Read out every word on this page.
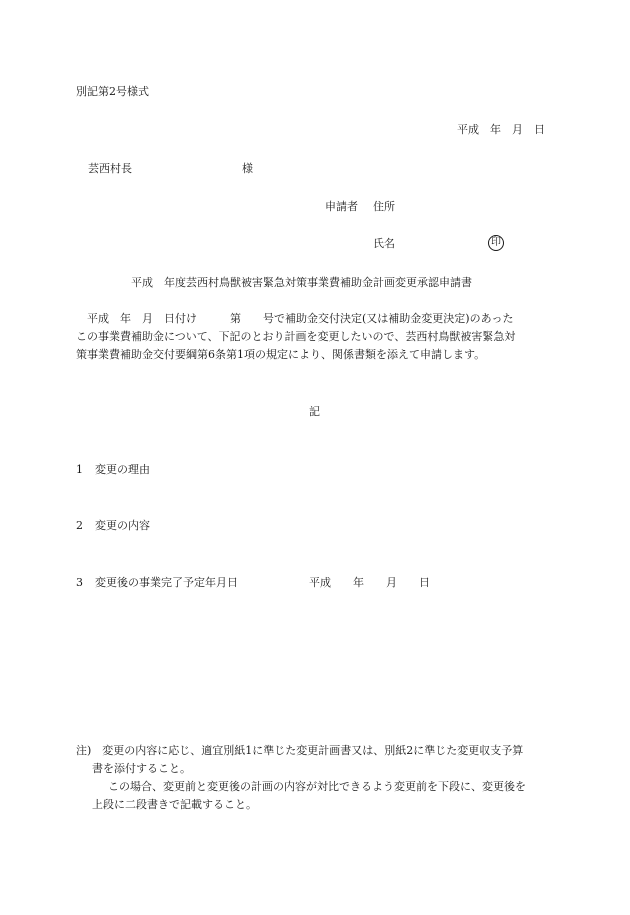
別記第2号様式
平成　年　月　日
芸西村長	様
申請者 住所
氏名	印
平成　年度芸西村鳥獣被害緊急対策事業費補助金計画変更承認申請書

平成　年　月　日付け　　　第　　号で補助金交付決定(又は補助金変更決定)のあった

この事業費補助金について、下記のとおり計画を変更したいので、芸西村鳥獣被害緊急対

策事業費補助金交付要綱第6条第1項の規定により、関係書類を添えて申請します。

記
1 変更の理由
2 変更の内容
3 変更後の事業完了予定年月日	平成　　年　　月　　日

注)　 変更の内容に応じ、適宜別紙1に準じた変更計画書又は、別紙2に準じた変更収支予算

書を添付すること。

この場合、変更前と変更後の計画の内容が対比できるよう変更前を下段に、変更後を

上段に二段書きで記載すること。
